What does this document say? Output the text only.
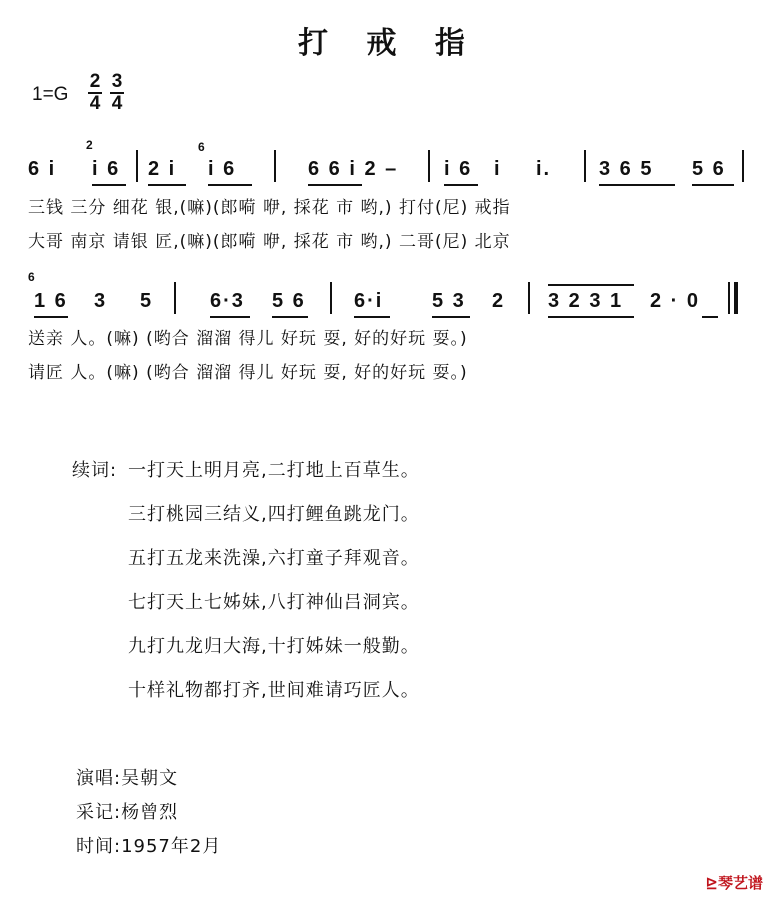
打 戒 指
$1=G \frac{2}{4} \frac{3}{4}$
6 i
2
i 6 2 i
6
i 6	6 6 i 2 – i 6 i i. 3 6 5 5 6
三钱 三分 细花 银,(嘛)(郎嗬 咿, 採花 市 哟,) 打付(尼) 戒指
大哥 南京 请银 匠,(嘛)(郎嗬 咿, 採花 市 哟,) 二哥(尼) 北京
6
1 6 3 5	6·3 5 6 6·i 5 3 2 3 2 3 1 2 · 0
送亲 人。(嘛) (哟合 溜溜 得儿 好玩 耍, 好的好玩 耍。)
请匠 人。(嘛) (哟合 溜溜 得儿 好玩 耍, 好的好玩 耍。)
续词: 一打天上明月亮,二打地上百草生。
三打桃园三结义,四打鲤鱼跳龙门。
五打五龙来洗澡,六打童子拜观音。
七打天上七姊妹,八打神仙吕洞宾。
九打九龙归大海,十打姊妹一般勤。
十样礼物都打齐,世间难请巧匠人。
演唱:吴朝文
采记:杨曾烈
时间:1957年2月
⊵琴艺谱
